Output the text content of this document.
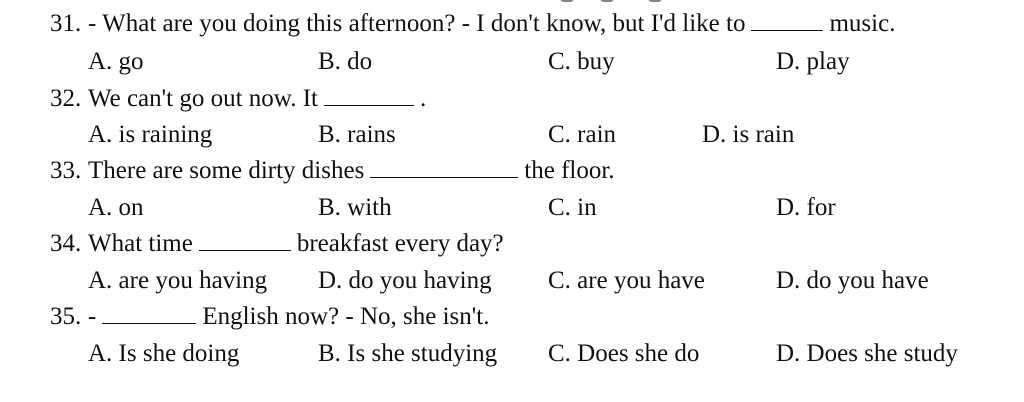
31. - What are you doing this afternoon? - I don't know, but I'd like to	music.
A. go	B. do	C. buy	D. play
32. We can't go out now. It	.
A. is raining	B. rains	C. rain	D. is rain
33. There are some dirty dishes	the floor.
A. on	B. with	C. in	D. for
34. What time	breakfast every day?
A. are you having D. do you having C. are you have	D. do you have
35. -	English now? - No, she isn't.
A. Is she doing	B. Is she studying C. Does she do	D. Does she study
